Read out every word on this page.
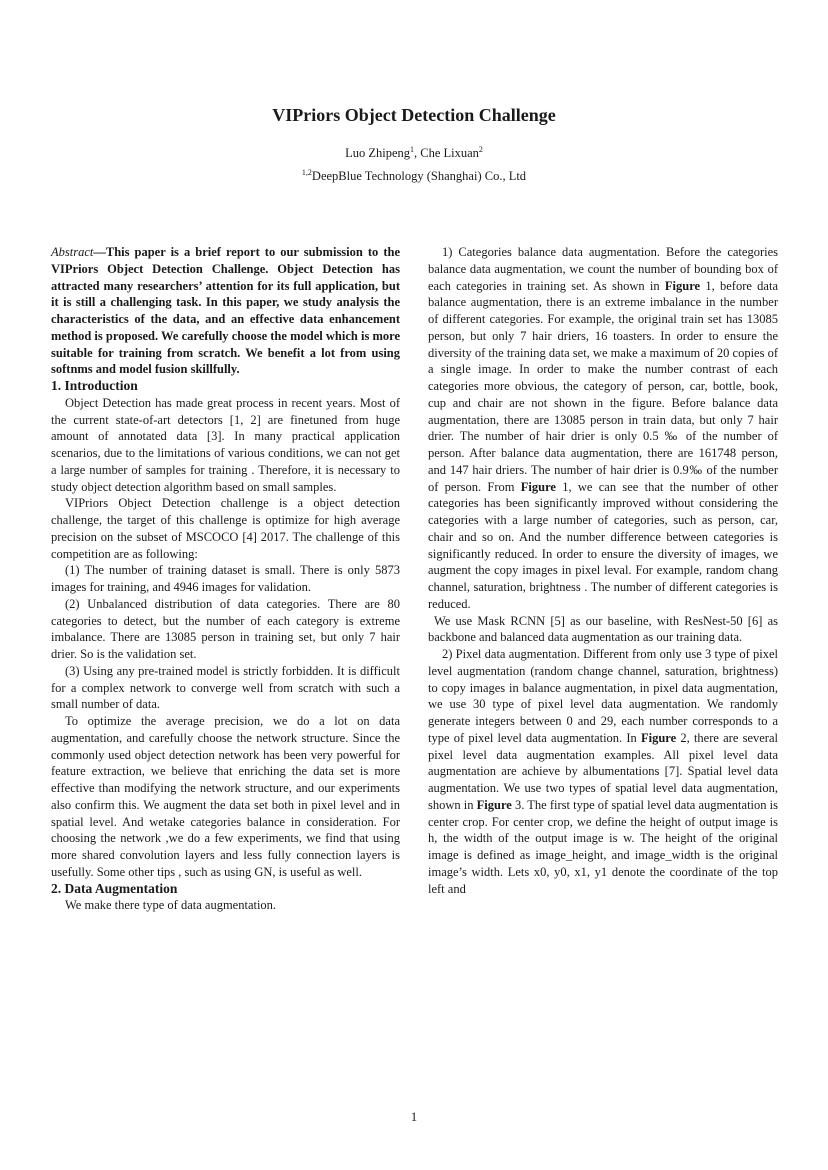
VIPriors Object Detection Challenge
Luo Zhipeng$^1$, Che Lixuan$^2$
$^{1,2}$DeepBlue Technology (Shanghai) Co., Ltd

Abstract—This paper is a brief report to our submission to the VIPriors Object Detection Challenge. Object Detection has attracted many researchers’ attention for its full application, but it is still a challenging task. In this paper, we study analysis the characteristics of the data, and an effective data enhancement method is proposed. We carefully choose the model which is more suitable for training from scratch. We benefit a lot from using softnms and model fusion skillfully.

1. Introduction

Object Detection has made great process in recent years. Most of the current state-of-art detectors [1, 2] are finetuned from huge amount of annotated data [3]. In many practical application scenarios, due to the limitations of various conditions, we can not get a large number of samples for training . Therefore, it is necessary to study object detection algorithm based on small samples.

VIPriors Object Detection challenge is a object detection challenge, the target of this challenge is optimize for high average precision on the subset of MSCOCO [4] 2017. The challenge of this competition are as following:

(1) The number of training dataset is small. There is only 5873 images for training, and 4946 images for validation.

(2) Unbalanced distribution of data categories. There are 80 categories to detect, but the number of each category is extreme imbalance. There are 13085 person in training set, but only 7 hair drier. So is the validation set.

(3) Using any pre-trained model is strictly forbidden. It is difficult for a complex network to converge well from scratch with such a small number of data.

To optimize the average precision, we do a lot on data augmentation, and carefully choose the network structure. Since the commonly used object detection network has been very powerful for feature extraction, we believe that enriching the data set is more effective than modifying the network structure, and our experiments also confirm this. We augment the data set both in pixel level and in spatial level. And wetake categories balance in consideration. For choosing the network ,we do a few experiments, we find that using more shared convolution layers and less fully connection layers is usefully. Some other tips , such as using GN, is useful as well.

2. Data Augmentation

We make there type of data augmentation.

1) Categories balance data augmentation. Before the categories balance data augmentation, we count the number of bounding box of each categories in training set. As shown in Figure 1, before data balance augmentation, there is an extreme imbalance in the number of different categories. For example, the original train set has 13085 person, but only 7 hair driers, 16 toasters. In order to ensure the diversity of the training data set, we make a maximum of 20 copies of a single image. In order to make the number contrast of each categories more obvious, the category of person, car, bottle, book, cup and chair are not shown in the figure. Before balance data augmentation, there are 13085 person in train data, but only 7 hair drier. The number of hair drier is only 0.5 ‰ of the number of person. After balance data augmentation, there are 161748 person, and 147 hair driers. The number of hair drier is 0.9‰ of the number of person. From Figure 1, we can see that the number of other categories has been significantly improved without considering the categories with a large number of categories, such as person, car, chair and so on. And the number difference between categories is significantly reduced. In order to ensure the diversity of images, we augment the copy images in pixel leval. For example, random chang channel, saturation, brightness . The number of different categories is reduced.

We use Mask RCNN [5] as our baseline, with ResNest-50 [6] as backbone and balanced data augmentation as our training data.

2) Pixel data augmentation. Different from only use 3 type of pixel level augmentation (random change channel, saturation, brightness) to copy images in balance augmentation, in pixel data augmentation, we use 30 type of pixel level data augmentation. We randomly generate integers between 0 and 29, each number corresponds to a type of pixel level data augmentation. In Figure 2, there are several pixel level data augmentation examples. All pixel level data augmentation are achieve by albumentations [7]. Spatial level data augmentation. We use two types of spatial level data augmentation, shown in Figure 3. The first type of spatial level data augmentation is center crop. For center crop, we define the height of output image is h, the width of the output image is w. The height of the original image is defined as image_height, and image_width is the original image’s width. Lets x0, y0, x1, y1 denote the coordinate of the top left and

1
